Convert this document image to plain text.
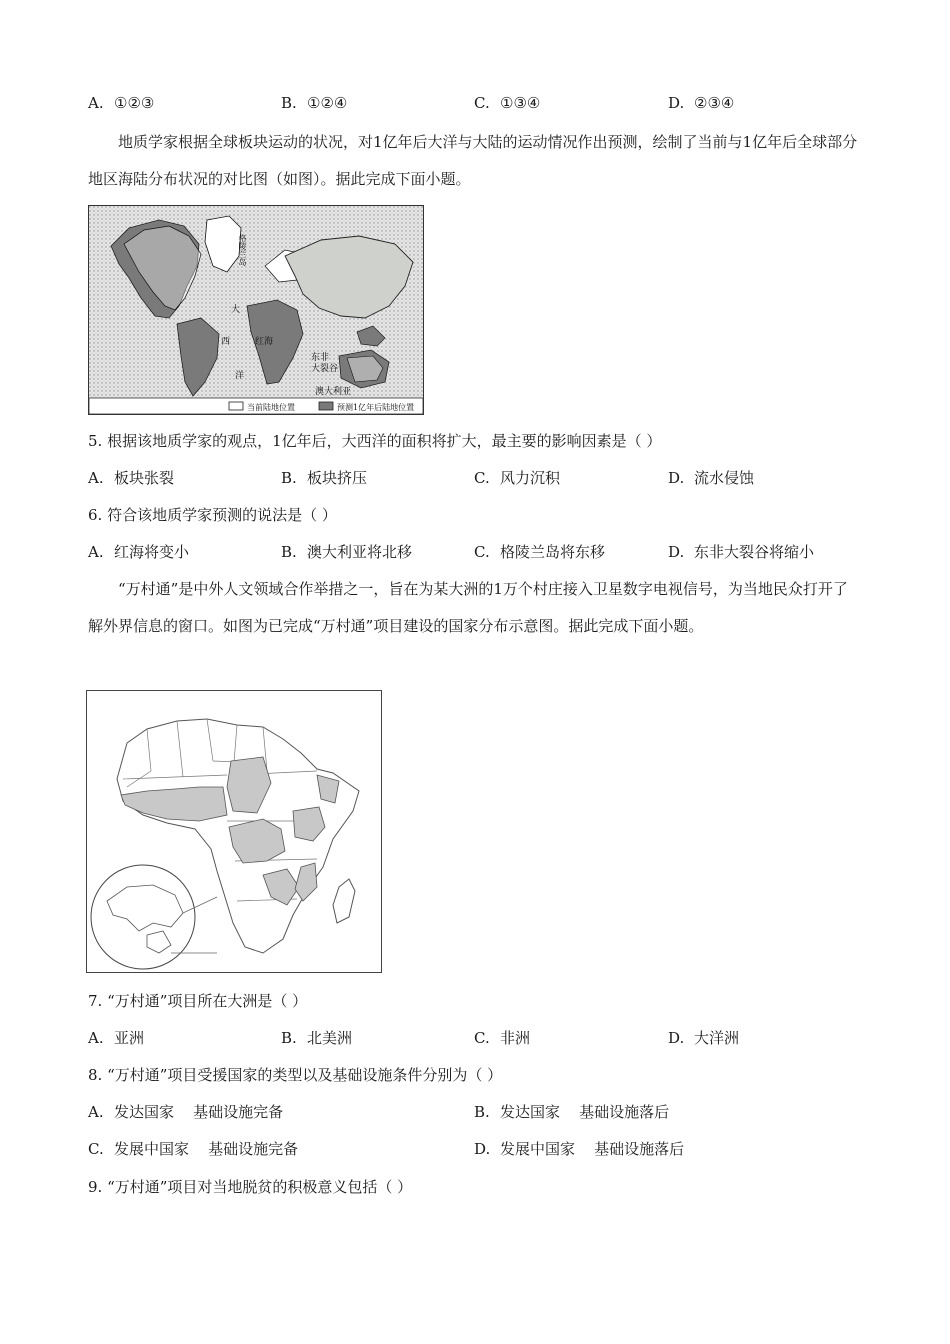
A. ①②③	B. ①②④	C. ①③④	D. ②③④
地质学家根据全球板块运动的状况，对1亿年后大洋与大陆的运动情况作出预测，绘制了当前与1亿年后全球部分地区海陆分布状况的对比图（如图）。据此完成下面小题。
格陵兰岛
大
西
洋
红海
东非
大裂谷
澳大利亚
当前陆地位置	预测1亿年后陆地位置
5. 根据该地质学家的观点，1亿年后，大西洋的面积将扩大，最主要的影响因素是（ ）
A. 板块张裂	B. 板块挤压	C. 风力沉积	D. 流水侵蚀
6. 符合该地质学家预测的说法是（ ）
A. 红海将变小	B. 澳大利亚将北移	C. 格陵兰岛将东移	D. 东非大裂谷将缩小
“万村通”是中外人文领域合作举措之一，旨在为某大洲的1万个村庄接入卫星数字电视信号，为当地民众打开了解外界信息的窗口。如图为已完成“万村通”项目建设的国家分布示意图。据此完成下面小题。
7. “万村通”项目所在大洲是（ ）
A. 亚洲	B. 北美洲	C. 非洲	D. 大洋洲
8. “万村通”项目受援国家的类型以及基础设施条件分别为（ ）
A. 发达国家    基础设施完备	B. 发达国家    基础设施落后
C. 发展中国家    基础设施完备	D. 发展中国家    基础设施落后
9. “万村通”项目对当地脱贫的积极意义包括（ ）
